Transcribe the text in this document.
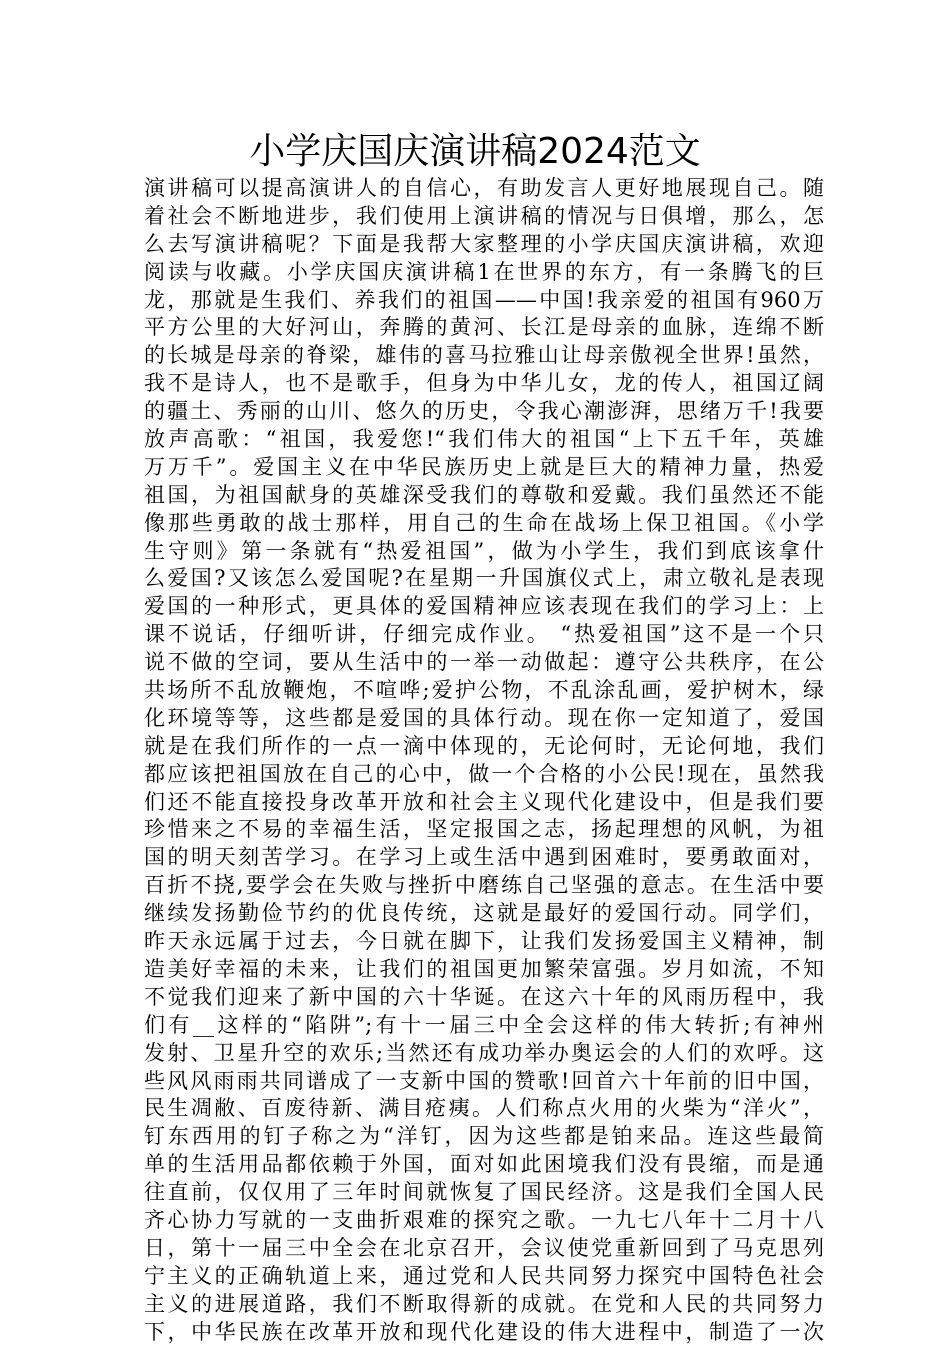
小学庆国庆演讲稿2024范文
演讲稿可以提高演讲人的自信心，有助发言人更好地展现自己。随
着社会不断地进步，我们使用上演讲稿的情况与日俱增，那么，怎
么去写演讲稿呢？下面是我帮大家整理的小学庆国庆演讲稿，欢迎
阅读与收藏。小学庆国庆演讲稿1在世界的东方，有一条腾飞的巨
龙，那就是生我们、养我们的祖国——中国!我亲爱的祖国有960万
平方公里的大好河山，奔腾的黄河、长江是母亲的血脉，连绵不断
的长城是母亲的脊梁，雄伟的喜马拉雅山让母亲傲视全世界!虽然，
我不是诗人，也不是歌手，但身为中华儿女，龙的传人，祖国辽阔
的疆土、秀丽的山川、悠久的历史，令我心潮澎湃，思绪万千!我要
放声高歌：“祖国，我爱您!“我们伟大的祖国“上下五千年，英雄
万万千”。爱国主义在中华民族历史上就是巨大的精神力量，热爱
祖国，为祖国献身的英雄深受我们的尊敬和爱戴。我们虽然还不能
像那些勇敢的战士那样，用自己的生命在战场上保卫祖国。《小学
生守则》第一条就有“热爱祖国”，做为小学生，我们到底该拿什
么爱国?又该怎么爱国呢?在星期一升国旗仪式上，肃立敬礼是表现
爱国的一种形式，更具体的爱国精神应该表现在我们的学习上：上
课不说话，仔细听讲，仔细完成作业。 “热爱祖国”这不是一个只
说不做的空词，要从生活中的一举一动做起：遵守公共秩序，在公
共场所不乱放鞭炮，不喧哗;爱护公物，不乱涂乱画，爱护树木，绿
化环境等等，这些都是爱国的具体行动。现在你一定知道了，爱国
就是在我们所作的一点一滴中体现的，无论何时，无论何地，我们
都应该把祖国放在自己的心中，做一个合格的小公民!现在，虽然我
们还不能直接投身改革开放和社会主义现代化建设中，但是我们要
珍惜来之不易的幸福生活，坚定报国之志，扬起理想的风帆，为祖
国的明天刻苦学习。在学习上或生活中遇到困难时，要勇敢面对，
百折不挠,要学会在失败与挫折中磨练自己坚强的意志。在生活中要
继续发扬勤俭节约的优良传统，这就是最好的爱国行动。同学们，
昨天永远属于过去，今日就在脚下，让我们发扬爱国主义精神，制
造美好幸福的未来，让我们的祖国更加繁荣富强。岁月如流，不知
不觉我们迎来了新中国的六十华诞。在这六十年的风雨历程中，我
们有__这样的“陷阱”;有十一届三中全会这样的伟大转折;有神州
发射、卫星升空的欢乐;当然还有成功举办奥运会的人们的欢呼。这
些风风雨雨共同谱成了一支新中国的赞歌!回首六十年前的旧中国，
民生凋敝、百废待新、满目疮痍。人们称点火用的火柴为“洋火”，
钉东西用的钉子称之为“洋钉，因为这些都是铂来品。连这些最简
单的生活用品都依赖于外国，面对如此困境我们没有畏缩，而是通
往直前，仅仅用了三年时间就恢复了国民经济。这是我们全国人民
齐心协力写就的一支曲折艰难的探究之歌。一九七八年十二月十八
日，第十一届三中全会在北京召开，会议使党重新回到了马克思列
宁主义的正确轨道上来，通过党和人民共同努力探究中国特色社会
主义的进展道路，我们不断取得新的成就。在党和人民的共同努力
下，中华民族在改革开放和现代化建设的伟大进程中，制造了一次
